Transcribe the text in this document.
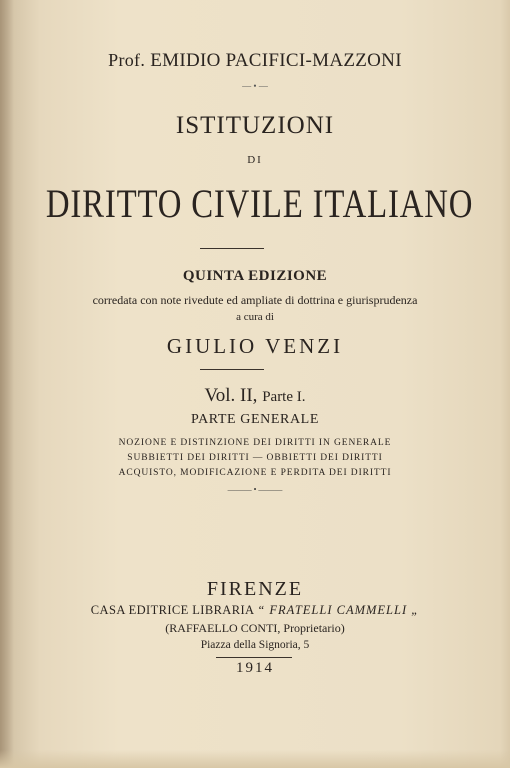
Prof. EMIDIO PACIFICI-MAZZONI
— • —
ISTITUZIONI
DI
DIRITTO CIVILE ITALIANO
QUINTA EDIZIONE
corredata con note rivedute ed ampliate di dottrina e giurisprudenza
a cura di
GIULIO VENZI
Vol. II, Parte I.
PARTE GENERALE
NOZIONE E DISTINZIONE DEI DIRITTI IN GENERALE
SUBBIETTI DEI DIRITTI — OBBIETTI DEI DIRITTI
ACQUISTO, MODIFICAZIONE E PERDITA DEI DIRITTI
——— • ———
FIRENZE
CASA EDITRICE LIBRARIA “ FRATELLI CAMMELLI „
(RAFFAELLO CONTI, Proprietario)
Piazza della Signoria, 5
1914
